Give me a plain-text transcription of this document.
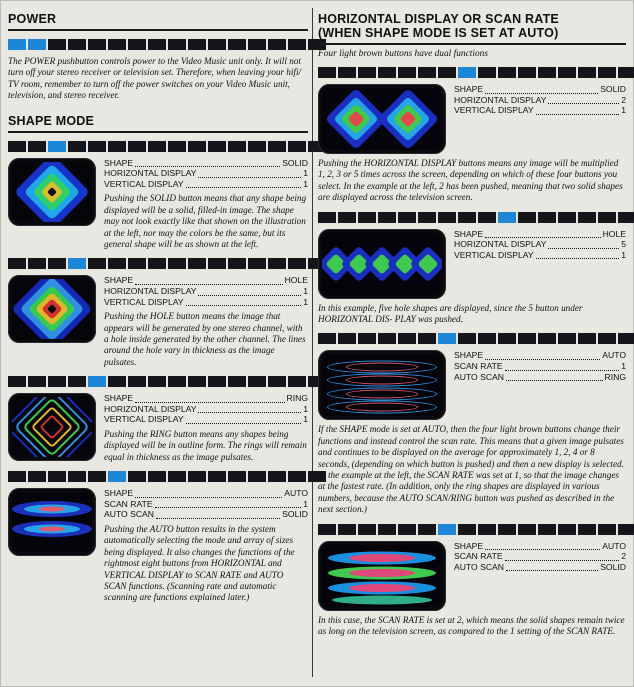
POWER
The POWER pushbutton controls power to the Video Music unit only. It will not turn off your stereo receiver or television set. Therefore, when leaving your hifi/ TV room, remember to turn off the power switches on your Video Music unit, television, and stereo receiver.
SHAPE MODE
SHAPE	SOLID
HORIZONTAL DISPLAY	1
VERTICAL DISPLAY	1
Pushing the SOLID button means that any shape being displayed will be a solid, filled-in image. The shape may not look exactly like that shown on the illustration at the left, nor may the colors be the same, but its general shape will be as shown at the left.
SHAPE	HOLE
HORIZONTAL DISPLAY	1
VERTICAL DISPLAY	1
Pushing the HOLE button means the image that appears will be generated by one stereo channel, with a hole inside generated by the other channel. The lines around the hole vary in thickness as the image pulsates.
SHAPE	RING
HORIZONTAL DISPLAY	1
VERTICAL DISPLAY	1
Pushing the RING button means any shapes being displayed will be in outline form. The rings will remain equal in thickness as the image pulsates.
SHAPE	AUTO
SCAN RATE	1
AUTO SCAN	SOLID
Pushing the AUTO button results in the system automatically selecting the mode and array of sizes being displayed. It also changes the functions of the rightmost eight buttons from HORIZONTAL and VERTICAL DISPLAY to SCAN RATE and AUTO SCAN functions. (Scanning rate and automatic scanning are functions explained later.)
HORIZONTAL DISPLAY OR SCAN RATE
(WHEN SHAPE MODE IS SET AT AUTO)
Four light brown buttons have dual functions
SHAPE	SOLID
HORIZONTAL DISPLAY	2
VERTICAL DISPLAY	1
Pushing the HORIZONTAL DISPLAY buttons means any image will be multiplied 1, 2, 3 or 5 times across the screen, depending on which of these four buttons you select. In the example at the left, 2 has been pushed, meaning that two solid shapes are displayed across the television screen.
SHAPE	HOLE
HORIZONTAL DISPLAY	5
VERTICAL DISPLAY	1
In this example, five hole shapes are displayed, since the 5 button under HORIZONTAL DIS- PLAY was pushed.
SHAPE	AUTO
SCAN RATE	1
AUTO SCAN	RING
If the SHAPE mode is set at AUTO, then the four light brown buttons change their functions and instead control the scan rate. This means that a given image pulsates and continues to be displayed on the average for approximately 1, 2, 4 or 8 seconds, (depending on which button is pushed) and then a new display is selected. In the example at the left, the SCAN RATE was set at 1, so that the image changes at the fastest rate. (In addition, only the ring shapes are displayed in various numbers, because the AUTO SCAN/RING button was pushed as described in the next section.)
SHAPE	AUTO
SCAN RATE	2
AUTO SCAN	SOLID
In this case, the SCAN RATE is set at 2, which means the solid shapes remain twice as long on the television screen, as compared to the 1 setting of the SCAN RATE.
